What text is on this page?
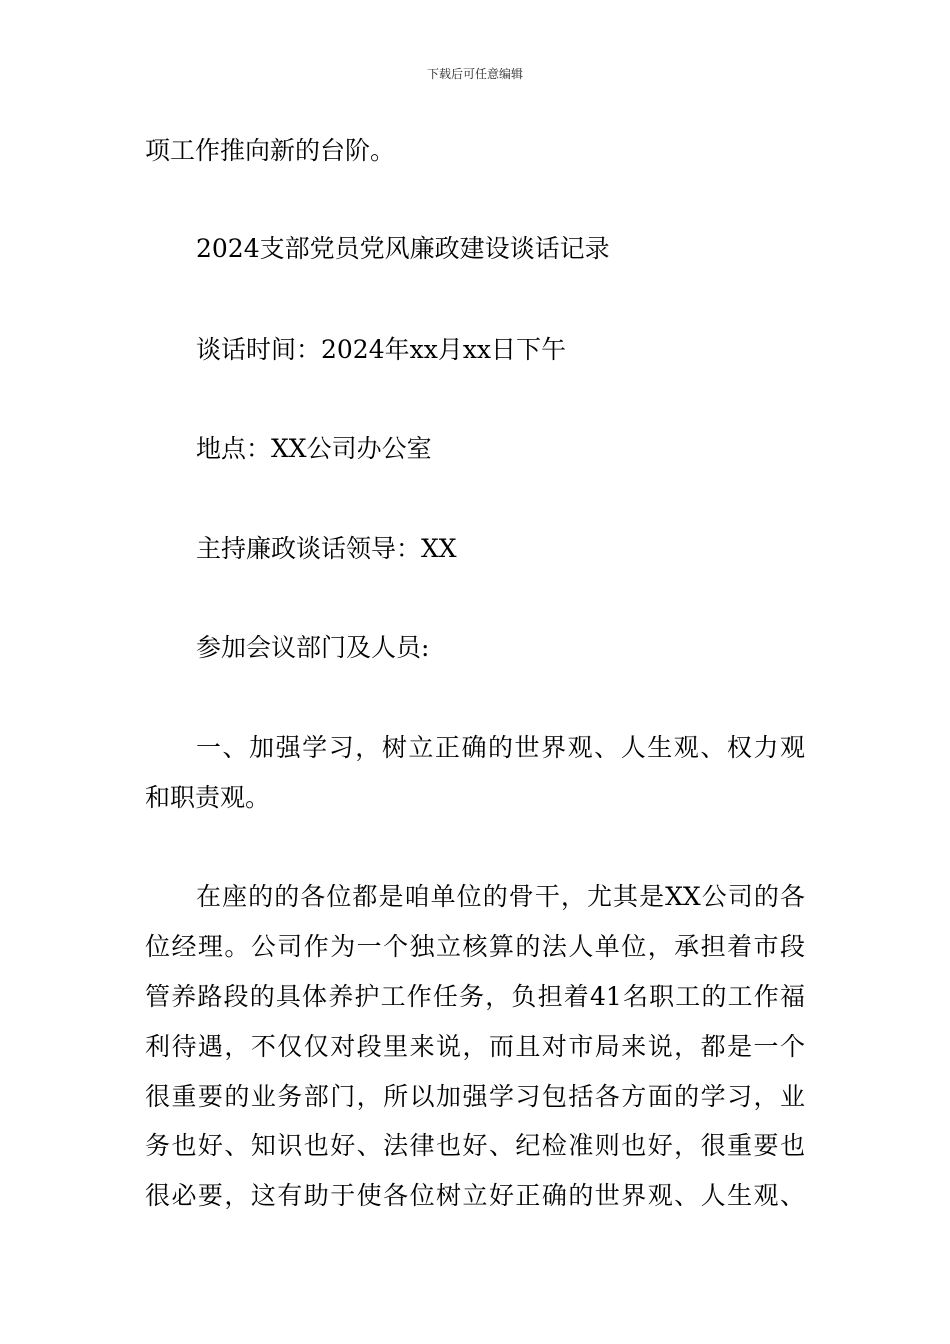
下载后可任意编辑
项工作推向新的台阶。
2024支部党员党风廉政建设谈话记录
谈话时间：2024年xx月xx日下午
地点：XX公司办公室
主持廉政谈话领导：XX
参加会议部门及人员:
一、加强学习，树立正确的世界观、人生观、权力观
和职责观。
在座的的各位都是咱单位的骨干，尤其是XX公司的各
位经理。公司作为一个独立核算的法人单位，承担着市段
管养路段的具体养护工作任务，负担着41名职工的工作福
利待遇，不仅仅对段里来说，而且对市局来说，都是一个
很重要的业务部门，所以加强学习包括各方面的学习，业
务也好、知识也好、法律也好、纪检准则也好，很重要也
很必要，这有助于使各位树立好正确的世界观、人生观、
